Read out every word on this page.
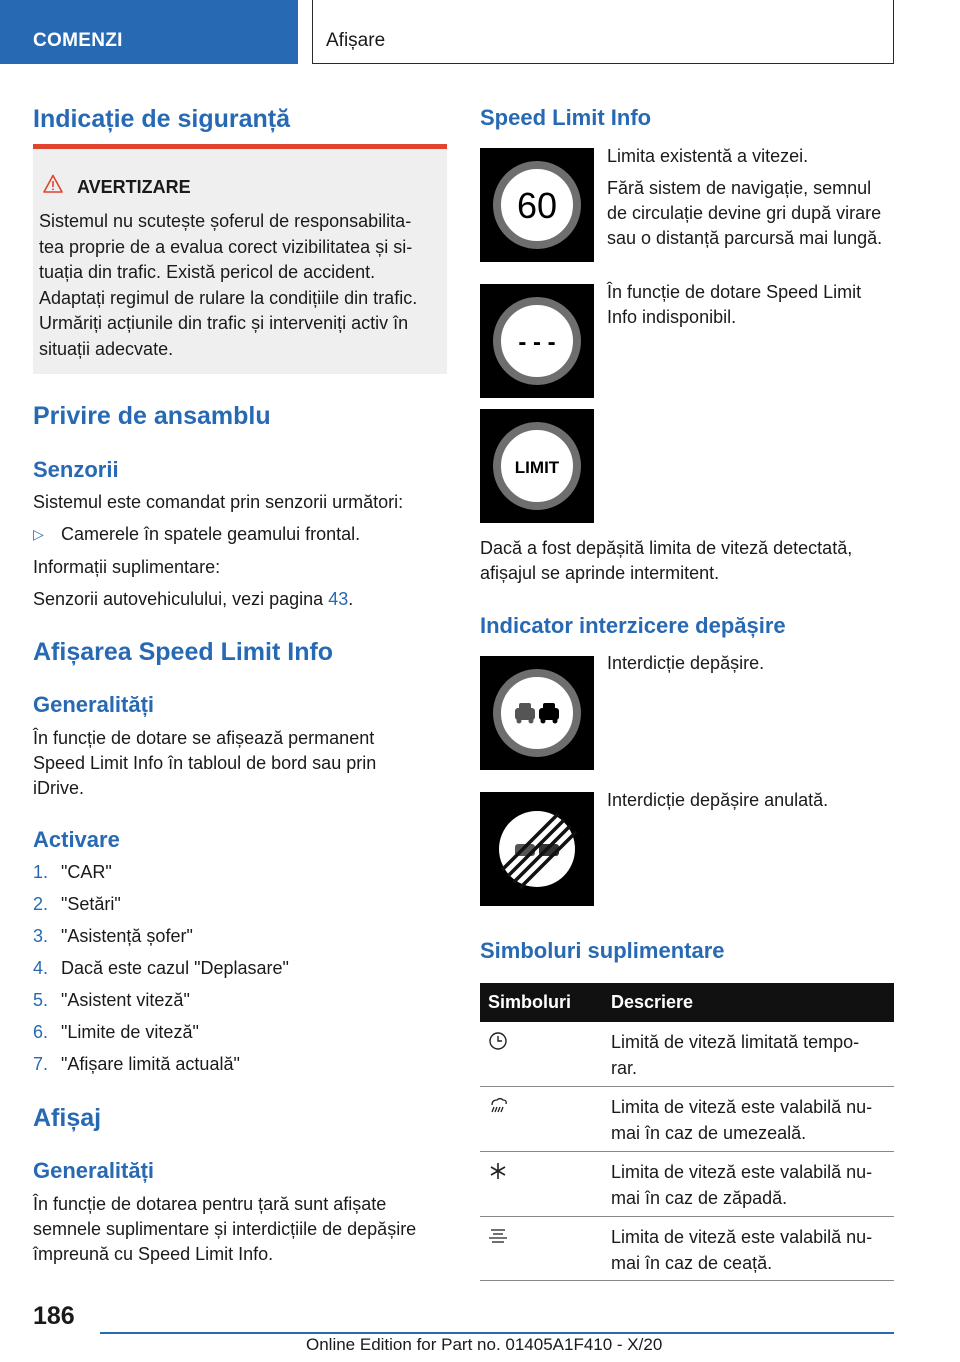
COMENZI	Afișare
Indicație de siguranță
AVERTIZARE
Sistemul nu scutește șoferul de responsabilita-
tea proprie de a evalua corect vizibilitatea și si-
tuația din trafic. Există pericol de accident.
Adaptați regimul de rulare la condițiile din trafic.
Urmăriți acțiunile din trafic și interveniți activ în
situații adecvate.
Privire de ansamblu
Senzorii

Sistemul este comandat prin senzorii următori:

▷ Camerele în spatele geamului frontal.

Informații suplimentare:

Senzorii autovehiculului, vezi pagina 43.

Afișarea Speed Limit Info
Generalități
În funcție de dotare se afișează permanent
Speed Limit Info în tabloul de bord sau prin
iDrive.
Activare
1. "CAR"
2. "Setări"
3. "Asistență șofer"
4. Dacă este cazul "Deplasare"
5. "Asistent viteză"
6. "Limite de viteză"
7. "Afișare limită actuală"
Afișaj
Generalități
În funcție de dotarea pentru țară sunt afișate
semnele suplimentare și interdicțiile de depășire
împreună cu Speed Limit Info.
Speed Limit Info
60
Limita existentă a vitezei.
Fără sistem de navigație, semnul
de circulație devine gri după virare
sau o distanță parcursă mai lungă.
- - -
În funcție de dotare Speed Limit
Info indisponibil.
LIMIT
Dacă a fost depășită limita de viteză detectată,
afișajul se aprinde intermitent.
Indicator interzicere depășire

Interdicție depășire.

Interdicție depășire anulată.

Simboluri suplimentare
Simboluri Descriere
Limită de viteză limitată tempo-
rar.
Limita de viteză este valabilă nu-
mai în caz de umezeală.
Limita de viteză este valabilă nu-
mai în caz de zăpadă.
Limita de viteză este valabilă nu-
mai în caz de ceață.
186
Online Edition for Part no. 01405A1F410 - X/20
